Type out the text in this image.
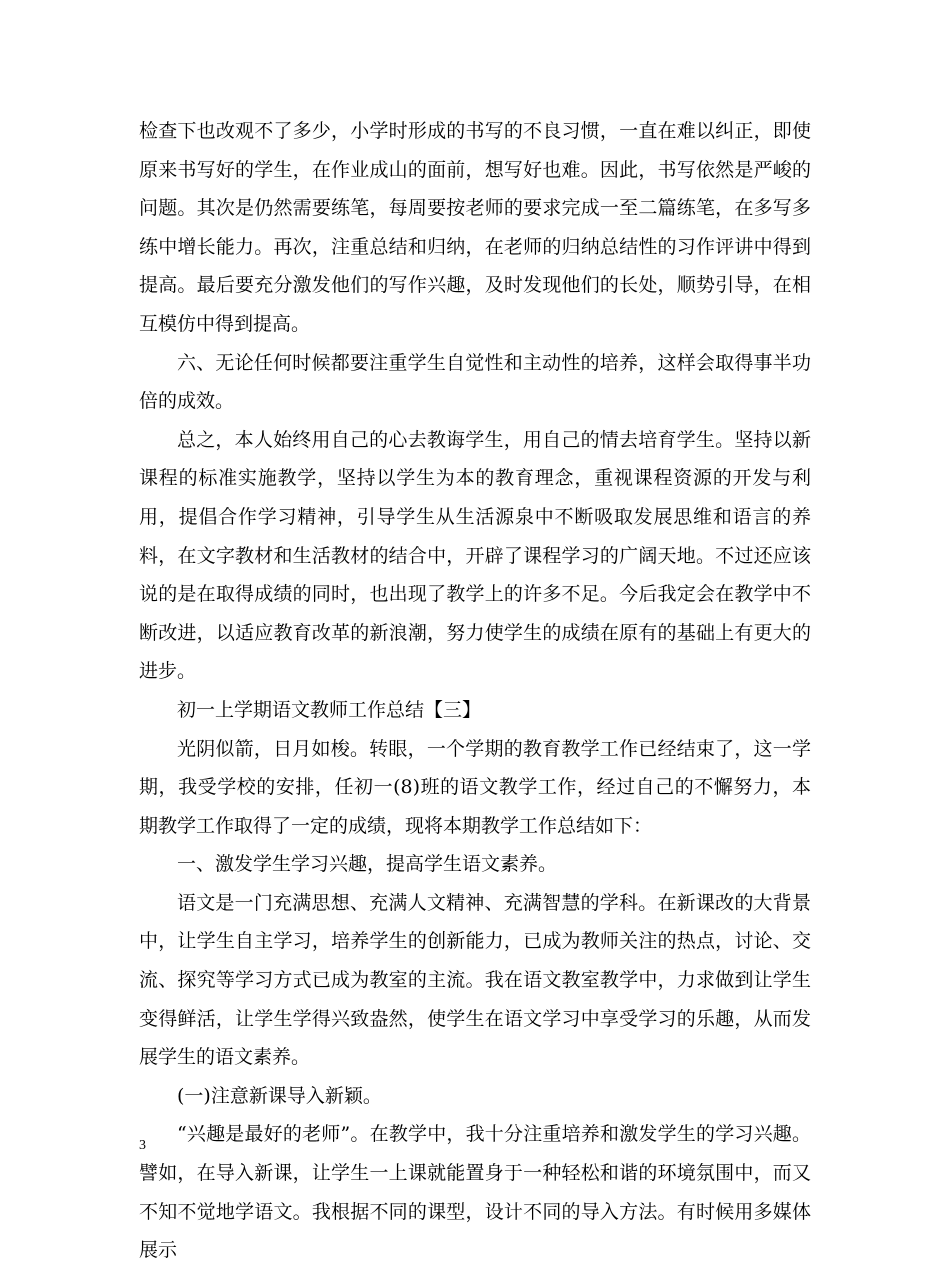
检查下也改观不了多少，小学时形成的书写的不良习惯，一直在难以纠正，即使原来书写好的学生，在作业成山的面前，想写好也难。因此，书写依然是严峻的问题。其次是仍然需要练笔，每周要按老师的要求完成一至二篇练笔，在多写多练中增长能力。再次，注重总结和归纳，在老师的归纳总结性的习作评讲中得到提高。最后要充分激发他们的写作兴趣，及时发现他们的长处，顺势引导，在相互模仿中得到提高。

六、无论任何时候都要注重学生自觉性和主动性的培养，这样会取得事半功倍的成效。

总之，本人始终用自己的心去教诲学生，用自己的情去培育学生。坚持以新课程的标准实施教学，坚持以学生为本的教育理念，重视课程资源的开发与利用，提倡合作学习精神，引导学生从生活源泉中不断吸取发展思维和语言的养料，在文字教材和生活教材的结合中，开辟了课程学习的广阔天地。不过还应该说的是在取得成绩的同时，也出现了教学上的许多不足。今后我定会在教学中不断改进，以适应教育改革的新浪潮，努力使学生的成绩在原有的基础上有更大的进步。

初一上学期语文教师工作总结【三】

光阴似箭，日月如梭。转眼，一个学期的教育教学工作已经结束了，这一学期，我受学校的安排，任初一(8)班的语文教学工作，经过自己的不懈努力，本期教学工作取得了一定的成绩，现将本期教学工作总结如下：

一、激发学生学习兴趣，提高学生语文素养。

语文是一门充满思想、充满人文精神、充满智慧的学科。在新课改的大背景中，让学生自主学习，培养学生的创新能力，已成为教师关注的热点，讨论、交流、探究等学习方式已成为教室的主流。我在语文教室教学中，力求做到让学生变得鲜活，让学生学得兴致盎然，使学生在语文学习中享受学习的乐趣，从而发展学生的语文素养。

(一)注意新课导入新颖。

“兴趣是最好的老师”。在教学中，我十分注重培养和激发学生的学习兴趣。譬如，在导入新课，让学生一上课就能置身于一种轻松和谐的环境氛围中，而又不知不觉地学语文。我根据不同的课型，设计不同的导入方法。有时候用多媒体展示

3
